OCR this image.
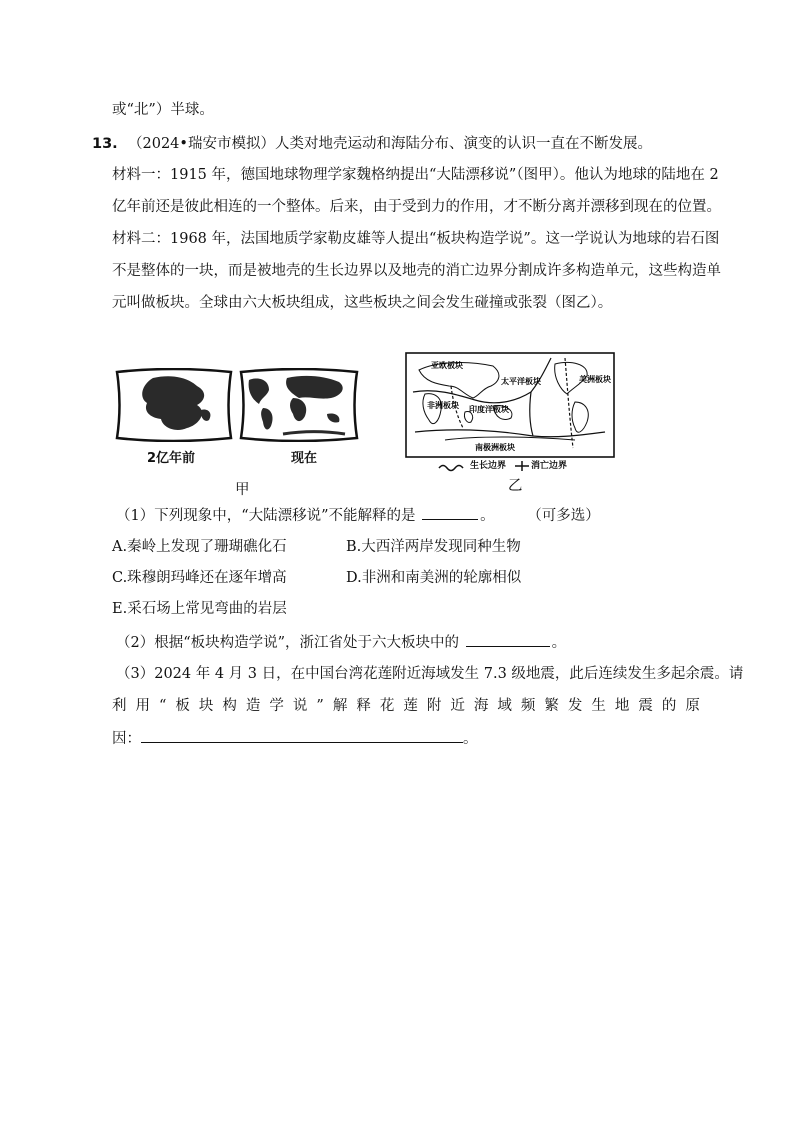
或“北”）半球。
13. （2024•瑞安市模拟）人类对地壳运动和海陆分布、演变的认识一直在不断发展。
材料一：1915 年，德国地球物理学家魏格纳提出“大陆漂移说”（图甲）。他认为地球的陆地在 2
亿年前还是彼此相连的一个整体。后来，由于受到力的作用，才不断分离并漂移到现在的位置。
材料二：1968 年，法国地质学家勒皮雄等人提出“板块构造学说”。这一学说认为地球的岩石图
不是整体的一块，而是被地壳的生长边界以及地壳的消亡边界分割成许多构造单元，这些构造单
元叫做板块。全球由六大板块组成，这些板块之间会发生碰撞或张裂（图乙）。
2亿年前	现在
甲
亚欧板块
太平洋板块	美洲板块
非洲板块 印度洋板块
南极洲板块
生长边界	消亡边界
乙
（1）下列现象中，“大陆漂移说”不能解释的是	。 （可多选）
A.秦岭上发现了珊瑚礁化石	B.大西洋两岸发现同种生物
C.珠穆朗玛峰还在逐年增高	D.非洲和南美洲的轮廓相似
E.采石场上常见弯曲的岩层
（2）根据“板块构造学说”，浙江省处于六大板块中的	。
（3）2024 年 4 月 3 日，在中国台湾花莲附近海域发生 7.3 级地震，此后连续发生多起余震。请
利 用 “ 板 块 构 造 学 说 ” 解 释 花 莲 附 近 海 域 频 繁 发 生 地 震 的 原
因：	。
